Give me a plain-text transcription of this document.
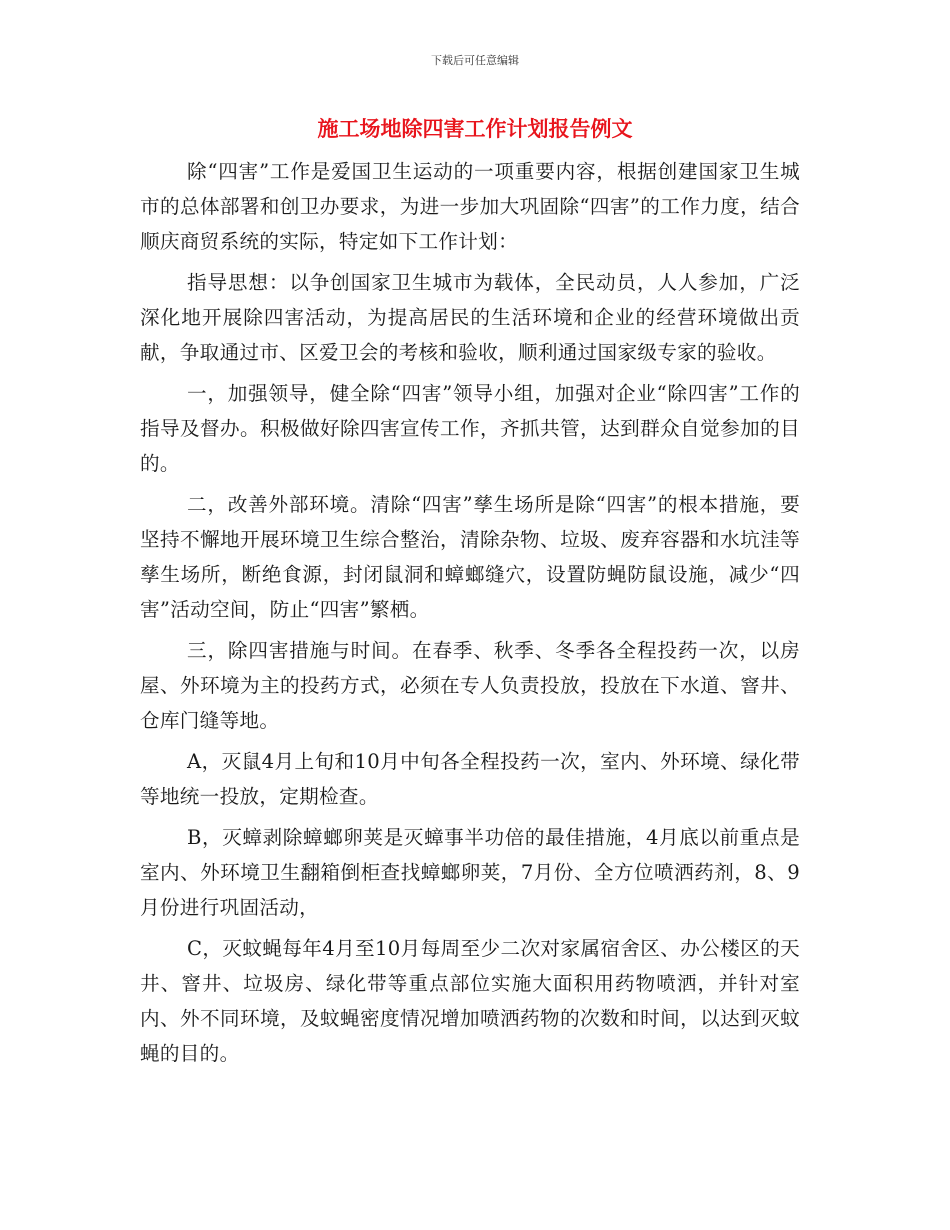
下载后可任意编辑
施工场地除四害工作计划报告例文

除“四害”工作是爱国卫生运动的一项重要内容，根据创建国家卫生城市的总体部署和创卫办要求，为进一步加大巩固除“四害”的工作力度，结合顺庆商贸系统的实际，特定如下工作计划：

指导思想：以争创国家卫生城市为载体，全民动员，人人参加，广泛深化地开展除四害活动，为提高居民的生活环境和企业的经营环境做出贡献，争取通过市、区爱卫会的考核和验收，顺利通过国家级专家的验收。

一，加强领导，健全除“四害”领导小组，加强对企业“除四害”工作的指导及督办。积极做好除四害宣传工作，齐抓共管，达到群众自觉参加的目的。

二，改善外部环境。清除“四害”孳生场所是除“四害”的根本措施，要坚持不懈地开展环境卫生综合整治，清除杂物、垃圾、废弃容器和水坑洼等孳生场所，断绝食源，封闭鼠洞和蟑螂缝穴，设置防蝇防鼠设施，减少“四害”活动空间，防止“四害”繁栖。

三，除四害措施与时间。在春季、秋季、冬季各全程投药一次，以房屋、外环境为主的投药方式，必须在专人负责投放，投放在下水道、窨井、仓库门缝等地。

A，灭鼠4月上旬和10月中旬各全程投药一次，室内、外环境、绿化带等地统一投放，定期检查。

B，灭蟑剥除蟑螂卵荚是灭蟑事半功倍的最佳措施，4月底以前重点是室内、外环境卫生翻箱倒柜查找蟑螂卵荚，7月份、全方位喷洒药剂，8、9月份进行巩固活动，

C，灭蚊蝇每年4月至10月每周至少二次对家属宿舍区、办公楼区的天井、窨井、垃圾房、绿化带等重点部位实施大面积用药物喷洒，并针对室内、外不同环境，及蚊蝇密度情况增加喷洒药物的次数和时间，以达到灭蚊蝇的目的。
